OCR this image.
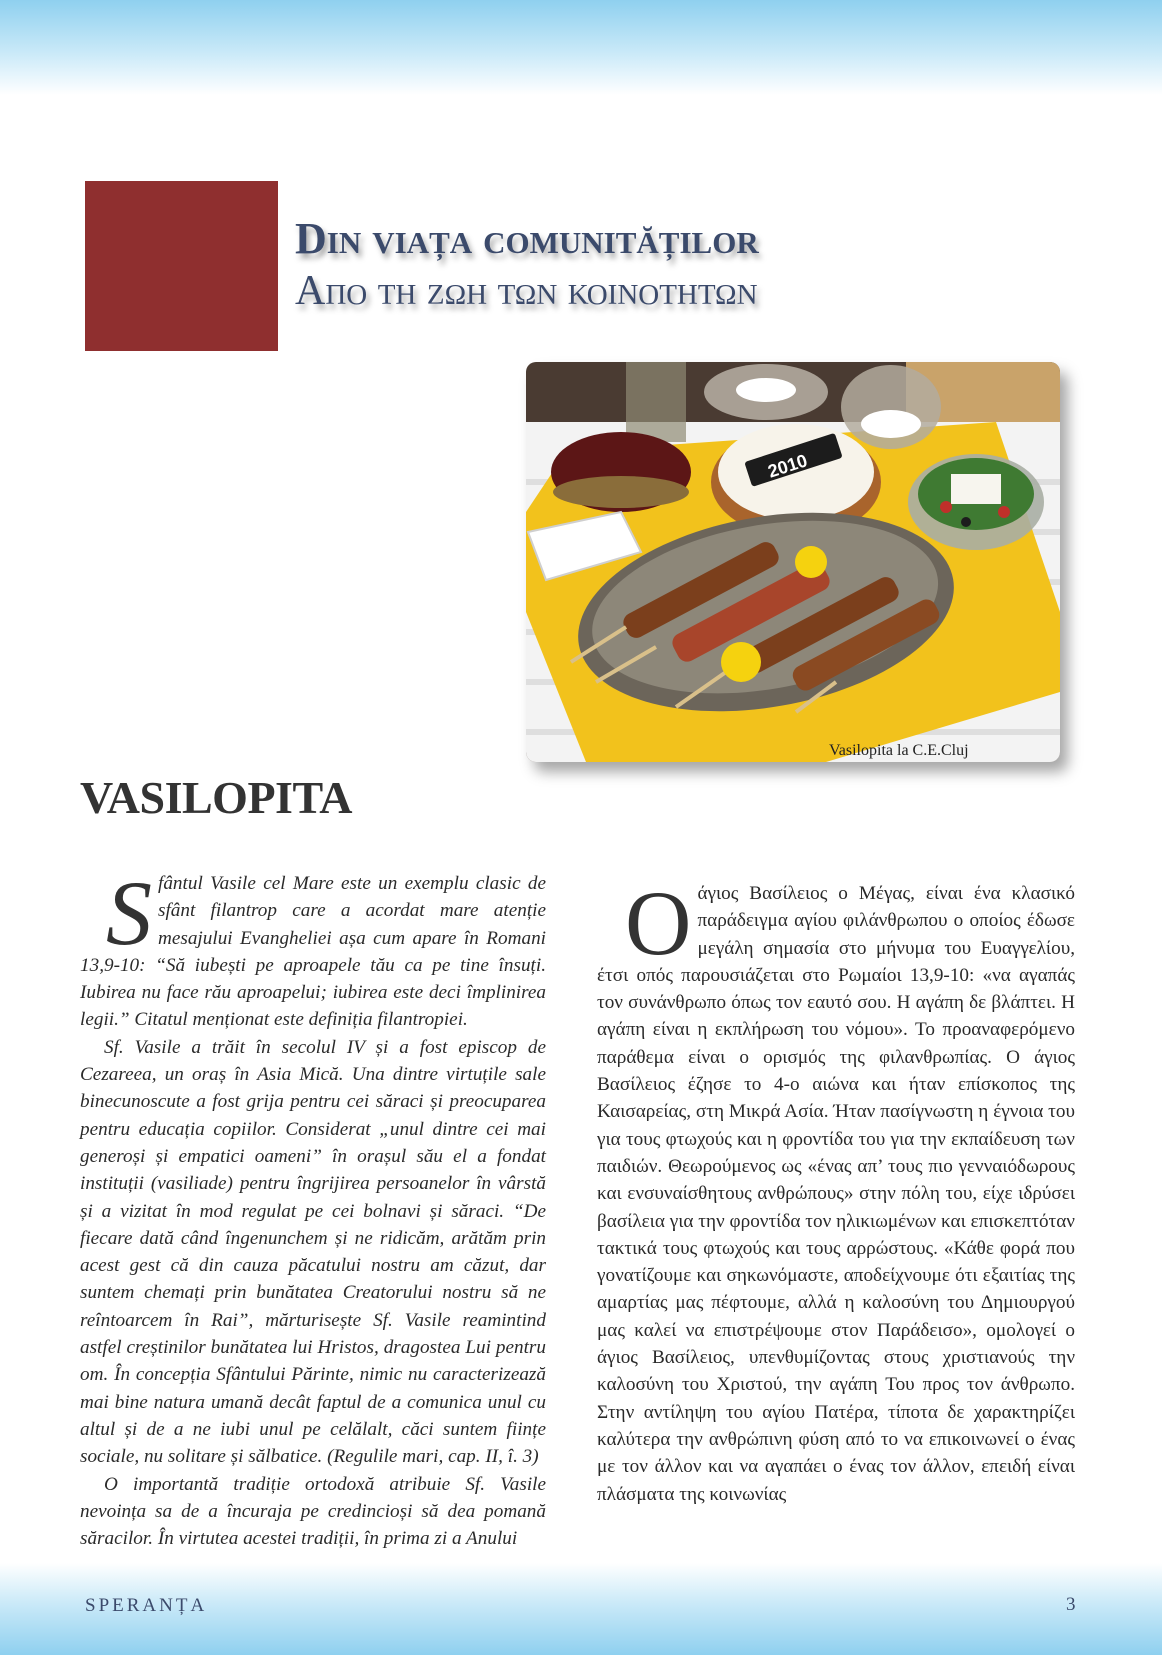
Din viața comunităților
Απο τη ζωη των κοινοτητων
2010
Vasilopita la C.E.Cluj
VASILOPITA

Sfântul Vasile cel Mare este un exemplu clasic de sfânt filantrop care a acordat mare atenție mesajului Evangheliei așa cum apare în Romani 13,9-10: “Să iubești pe aproapele tău ca pe tine însuți. Iubirea nu face rău aproapelui; iubirea este deci împlinirea legii.” Citatul menționat este definiția filantropiei.

Sf. Vasile a trăit în secolul IV și a fost episcop de Cezareea, un oraș în Asia Mică. Una dintre virtuțile sale binecunoscute a fost grija pentru cei săraci și preocuparea pentru educația copiilor. Considerat „unul dintre cei mai generoși și empatici oameni” în orașul său el a fondat instituții (vasiliade) pentru îngrijirea persoanelor în vârstă și a vizitat în mod regulat pe cei bolnavi și săraci. “De fiecare dată când îngenunchem și ne ridicăm, arătăm prin acest gest că din cauza păcatului nostru am căzut, dar suntem chemați prin bunătatea Creatorului nostru să ne reîntoarcem în Rai”, mărturisește Sf. Vasile reamintind astfel creștinilor bunătatea lui Hristos, dragostea Lui pentru om. În concepția Sfântului Părinte, nimic nu caracterizează mai bine natura umană decât faptul de a comunica unul cu altul și de a ne iubi unul pe celălalt, căci suntem ființe sociale, nu solitare și sălbatice. (Regulile mari, cap. II, î. 3)

O importantă tradiție ortodoxă atribuie Sf. Vasile nevoința sa de a încuraja pe credincioși să dea pomană săracilor. În virtutea acestei tradiții, în prima zi a Anului

Οάγιος Βασίλειος ο Μέγας, είναι ένα κλασικό παράδειγμα αγίου φιλάνθρωπου ο οποίος έδωσε μεγάλη σημασία στο μήνυμα του Ευαγγελίου, έτσι οπός παρουσιάζεται στο Ρωμαίοι 13,9-10: «να αγαπάς τον συνάνθρωπο όπως τον εαυτό σου. Η αγάπη δε βλάπτει. Η αγάπη είναι η εκπλήρωση του νόμου». Το προαναφερόμενο παράθεμα είναι ο ορισμός της φιλανθρωπίας. Ο άγιος Βασίλειος έζησε το 4-ο αιώνα και ήταν επίσκοπος της Καισαρείας, στη Μικρά Ασία. Ήταν πασίγνωστη η έγνοια του για τους φτωχούς και η φροντίδα του για την εκπαίδευση των παιδιών. Θεωρούμενος ως «ένας απ’ τους πιο γενναιόδωρους και ενσυναίσθητους ανθρώπους» στην πόλη του, είχε ιδρύσει βασίλεια για την φροντίδα τον ηλικιωμένων και επισκεπτόταν τακτικά τους φτωχούς και τους αρρώστους. «Κάθε φορά που γονατίζουμε και σηκωνόμαστε, αποδείχνουμε ότι εξαιτίας της αμαρτίας μας πέφτουμε, αλλά η καλοσύνη του Δημιουργού μας καλεί να επιστρέψουμε στον Παράδεισο», ομολογεί ο άγιος Βασίλειος, υπενθυμίζοντας στους χριστιανούς την καλοσύνη του Χριστού, την αγάπη Του προς τον άνθρωπο. Στην αντίληψη του αγίου Πατέρα, τίποτα δε χαρακτηρίζει καλύτερα την ανθρώπινη φύση από το να επικοινωνεί ο ένας με τον άλλον και να αγαπάει ο ένας τον άλλον, επειδή είναι πλάσματα της κοινωνίας

SPERANȚA	3
